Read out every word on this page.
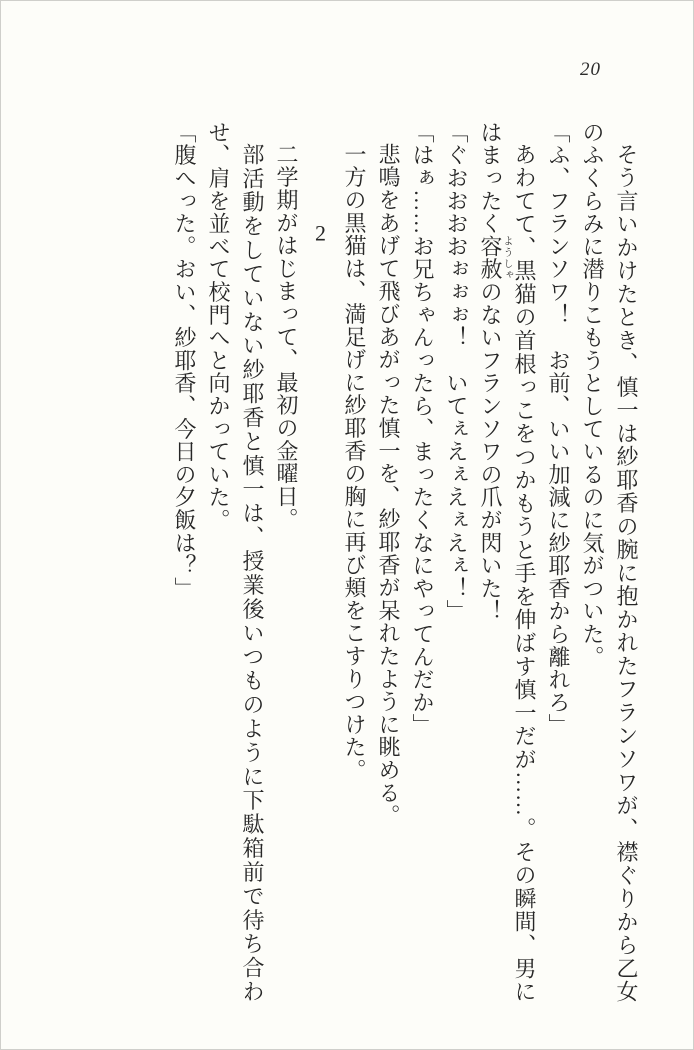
20

そう言いかけたとき、慎一は紗耶香の腕に抱かれたフランソワが、襟ぐりから乙女のふくらみに潜りこもうとしているのに気がついた。

「ふ、フランソワ！　お前、いい加減に紗耶香から離れろ」

あわてて、黒猫の首根っこをつかもうと手を伸ばす慎一だが……。その瞬間、男にはまったく容赦ようしゃのないフランソワの爪が閃いた！

「ぐおおおおぉぉぉ！　いてぇえぇえぇえぇ！」

「はぁ……お兄ちゃんったら、まったくなにやってんだか」

悲鳴をあげて飛びあがった慎一を、紗耶香が呆れたように眺める。

一方の黒猫は、満足げに紗耶香の胸に再び頬をこすりつけた。

2

二学期がはじまって、最初の金曜日。

部活動をしていない紗耶香と慎一は、授業後いつものように下駄箱前で待ち合わせ、肩を並べて校門へと向かっていた。

「腹へった。おい、紗耶香、今日の夕飯は？」
